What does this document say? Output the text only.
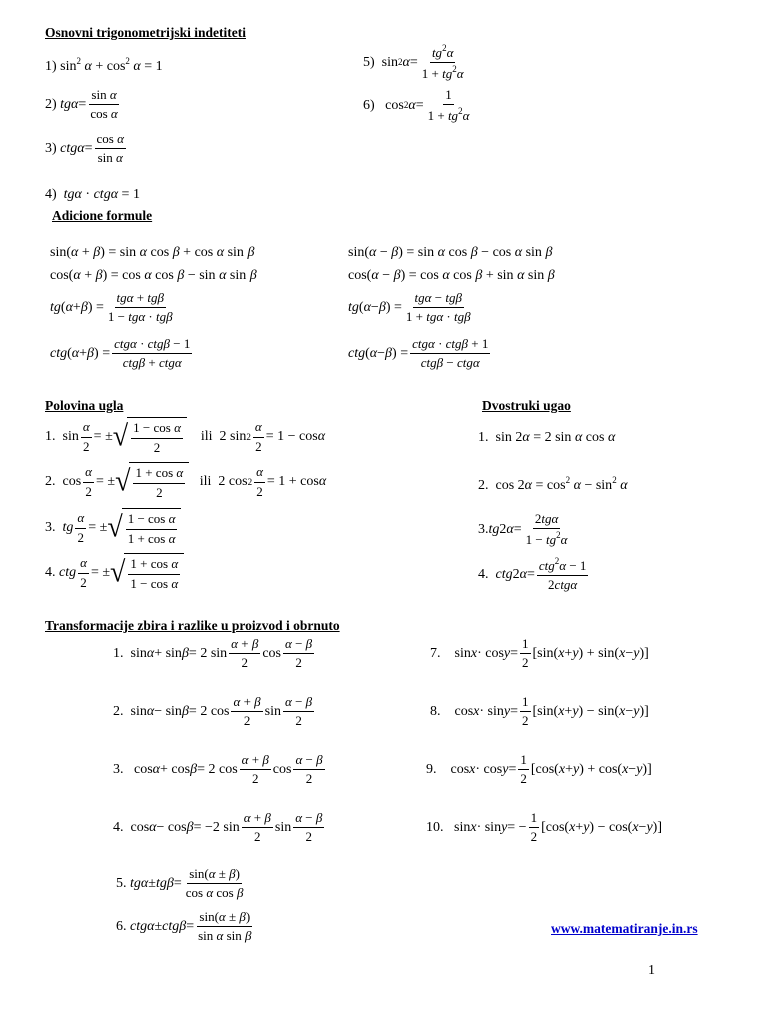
Osnovni trigonometrijski indetiteti
1) $\sin^2 \alpha + \cos^2 \alpha = 1$
2) $tg\alpha = \frac{\text{sin α}}{\text{cos α}}$
3) $ctg\alpha = \frac{\text{cos α}}{\text{sin α}}$
4)  tgα · ctgα = 1
5)  sin 2 $\alpha = \frac{tg^2\alpha}{1 + tg^2\alpha}$
6)   cos 2 $\alpha = \frac{1}{1 + tg^2\alpha}$
Adicione formule
sin(α + β) = sin α cos β + cos α sin β
cos(α + β) = cos α cos β − sin α sin β
tg ( α + β ) = $\frac{\text{tgα + tgβ}}{\text{1 − tgα · tgβ}}$
ctg ( α + β ) = $\frac{\text{ctgα · ctgβ − 1}}{\text{ctgβ + ctgα}}$
sin(α − β) = sin α cos β − cos α sin β
cos(α − β) = cos α cos β + sin α sin β
tg ( α − β ) = $\frac{\text{tgα − tgβ}}{\text{1 + tgα · tgβ}}$
ctg ( α − β ) = $\frac{\text{ctgα · ctgβ + 1}}{\text{ctgβ − ctgα}}$
Polovina ugla	Dvostruki ugao
1.  $\sin \frac{\alpha}{2}$ = ± √ $\frac{\text{1 − cos α}}{2}$ ili  2 $\sin 2 \frac{\alpha}{2} = 1 - \cos \alpha$
2.  $\cos \frac{\alpha}{2}$ = ± √ $\frac{\text{1 + cos α}}{2}$ ili  2 $\cos 2 \frac{\alpha}{2} = 1 + \cos \alpha$
3. tg $\frac{\alpha}{2}$ = ± √ $\frac{\text{1 − cos α}}{\text{1 + cos α}}$
4. ctg $\frac{\alpha}{2}$ = ± √ $\frac{\text{1 + cos α}}{\text{1 − cos α}}$
1.  sin 2α = 2 sin α cos α
2.  $\cos 2\alpha = \cos^2 \alpha - \sin^2 \alpha$
3. tg 2 $\alpha = \frac{\text{2tgα}}{1 - tg^2\alpha}$
4. ctg 2 $\alpha = \frac{ctg^2\alpha - 1}{\text{2ctgα}}$
Transformacije zbira i razlike u proizvod i obrnuto
1.  sin α + sin β = 2 $\sin \frac{\alpha + \beta}{2}$ $\cos \frac{\alpha - \beta}{2}$
2.  sin α − sin β = 2 $\cos \frac{\alpha + \beta}{2}$ $\sin \frac{\alpha - \beta}{2}$
3.   cos α + cos β = 2 $\cos \frac{\alpha + \beta}{2}$ $\cos \frac{\alpha - \beta}{2}$
4.  cos α − cos β = −2 $\sin \frac{\alpha + \beta}{2}$ $\sin \frac{\alpha - \beta}{2}$
5. $tg\alpha \pm tg\beta = \frac{\sin(\alpha \pm \beta)}{\text{cos α cos β}}$
6. $ctg\alpha \pm ctg\beta = \frac{\sin(\alpha \pm \beta)}{\text{sin α sin β}}$
7.    $\sin x \cdot \cos y = \frac{1}{2} [\sin$( x + y ) + sin( x − y )]
8.    $\cos x \cdot \sin y = \frac{1}{2} [\sin$( x + y ) − sin( x − y )]
9.    $\cos x \cdot \cos y = \frac{1}{2} [\cos$( x + y ) + cos( x − y )]
10.   sin x · sin y = − $\frac{1}{2} [\cos$( x + y ) − cos( x − y )]
www.matematiranje.in.rs
1
